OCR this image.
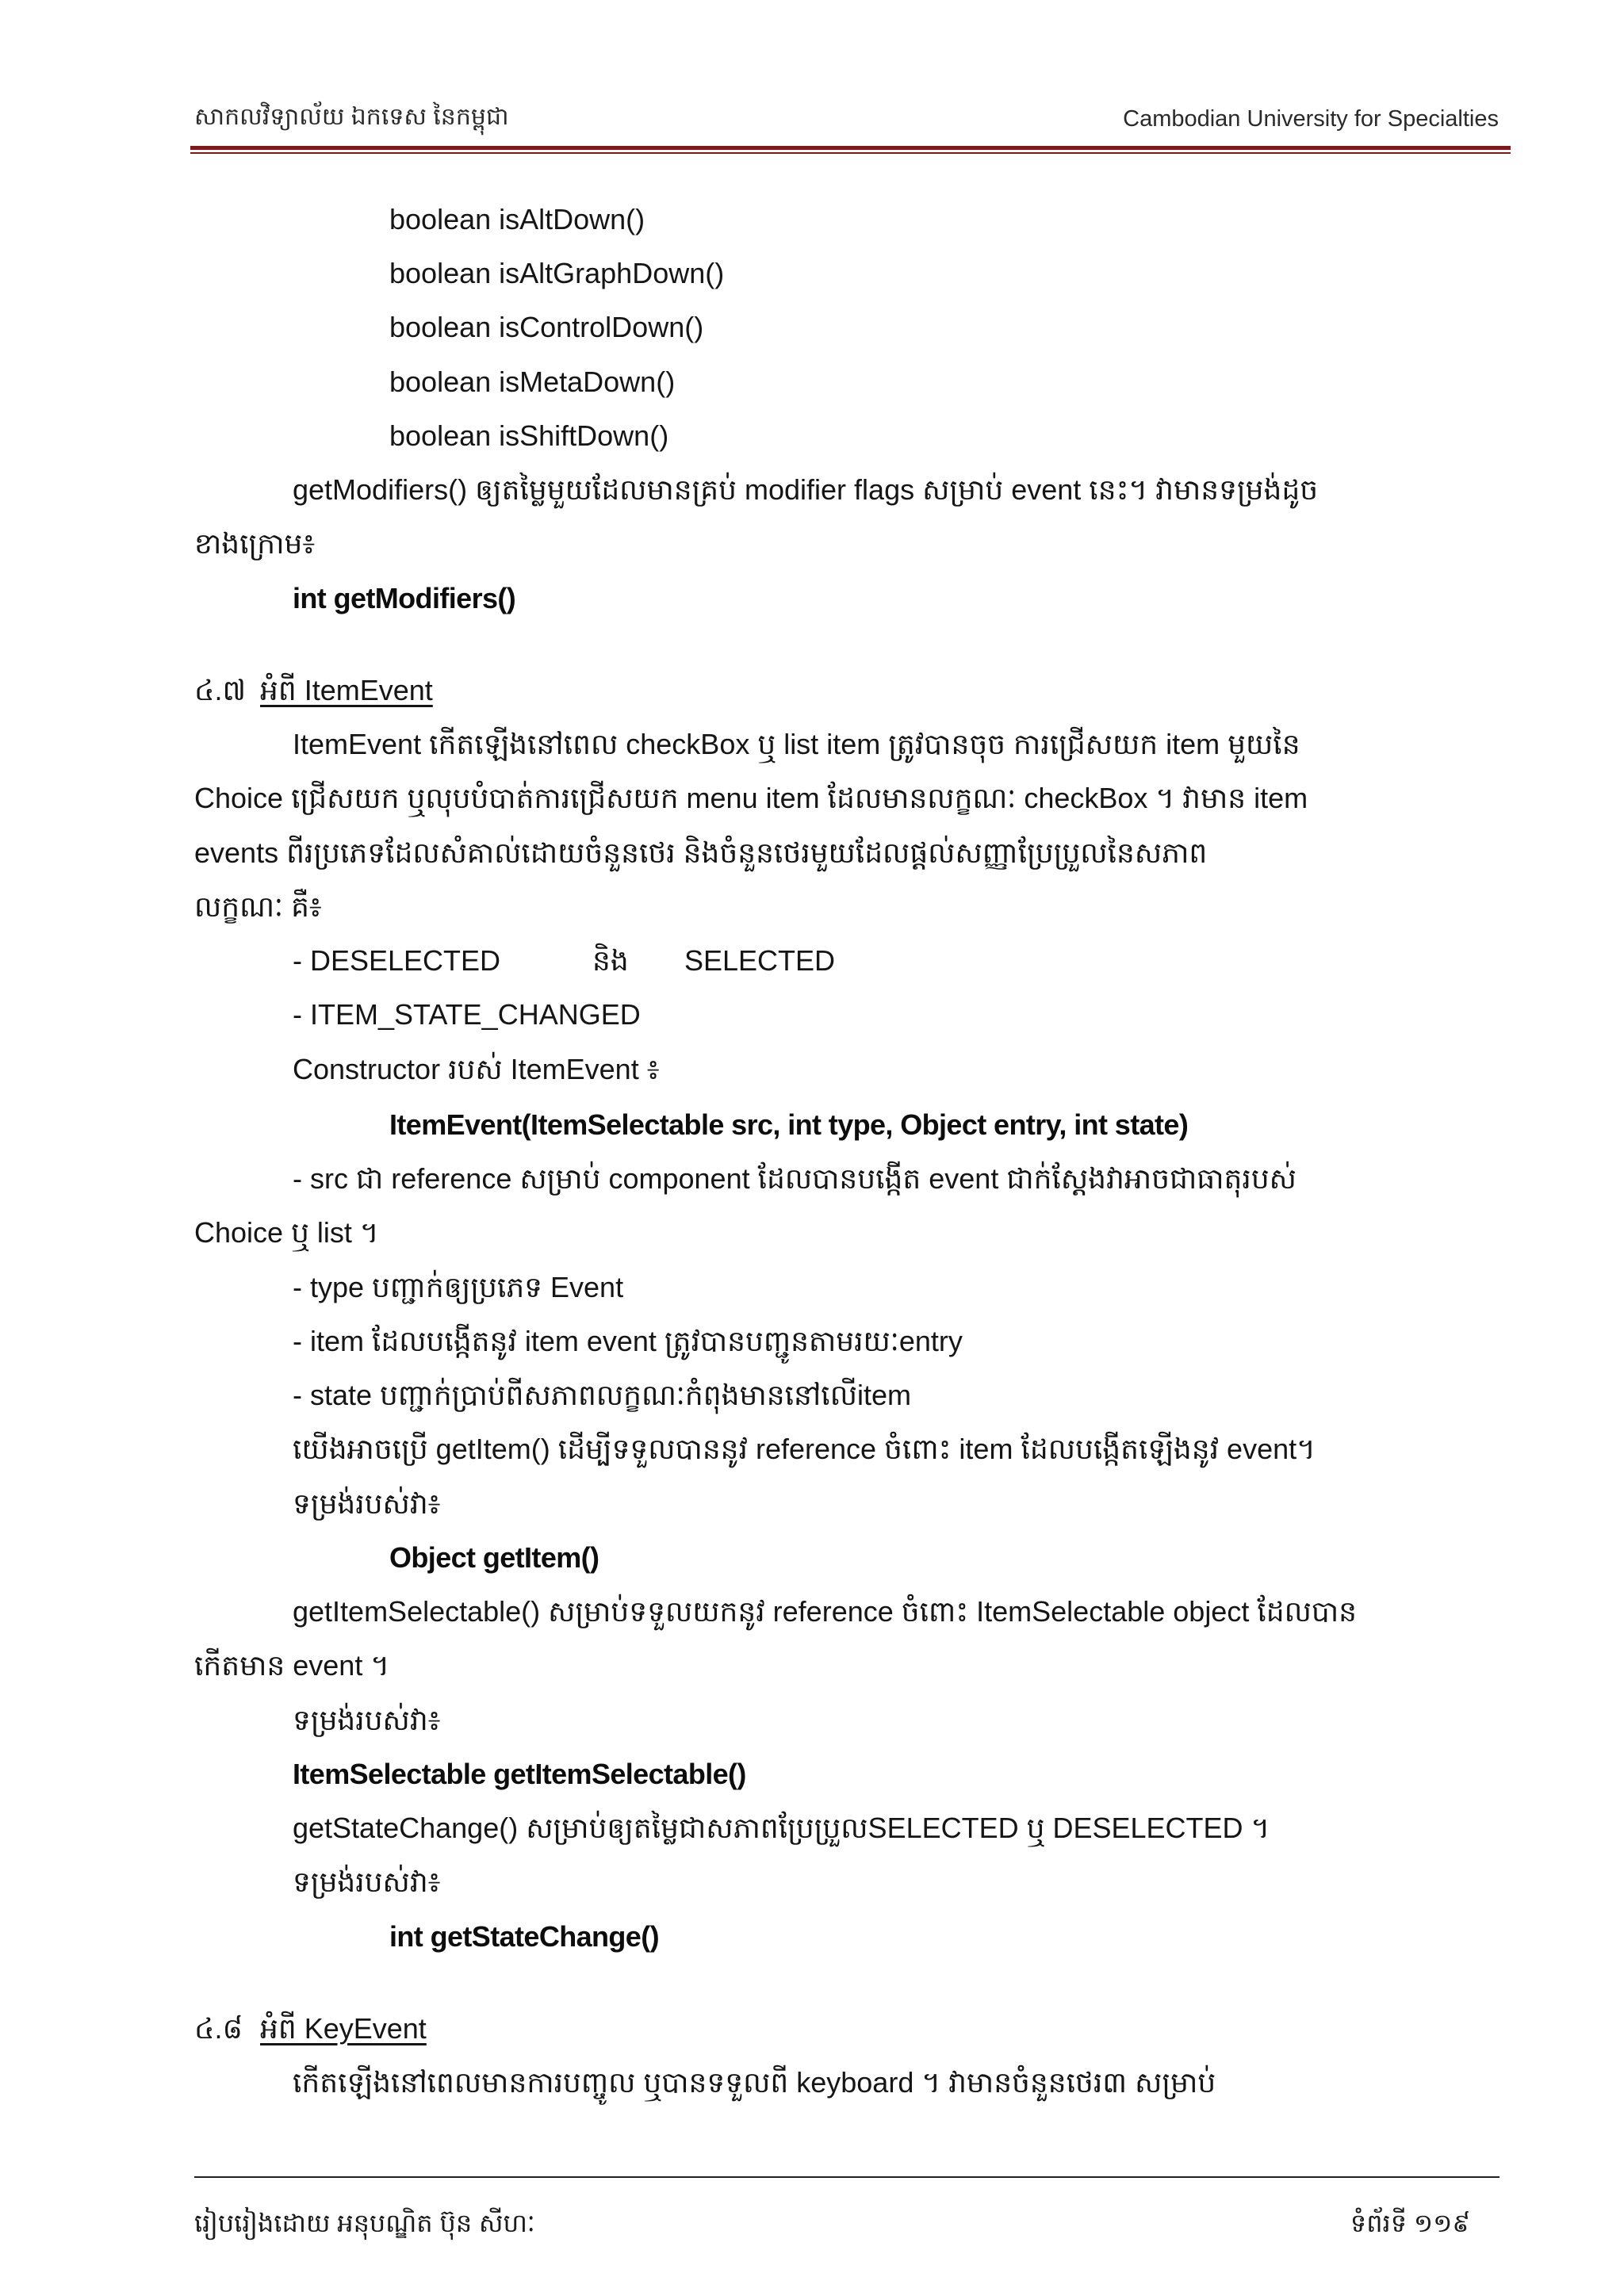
សាកលវិទ្យាល័យ ឯកទេស នៃកម្ពុជា	Cambodian University for Specialties
boolean isAltDown()
boolean isAltGraphDown()
boolean isControlDown()
boolean isMetaDown()
boolean isShiftDown()
getModifiers() ឲ្យតម្លៃមួយដែលមានគ្រប់ modifier flags សម្រាប់ event នេះ។ វាមានទម្រង់ដូច
ខាងក្រោម៖
int getModifiers()
៤.៧ អំពី ItemEvent
ItemEvent កើតឡើងនៅពេល checkBox ឬ list item ត្រូវបានចុច ការជ្រើសយក item មួយនៃ
Choice ជ្រើសយក ឬលុបបំបាត់ការជ្រើសយក menu item ដែលមានលក្ខណៈ checkBox ។ វាមាន item
events ពីរប្រភេទដែលសំគាល់ដោយចំនួនថេរ និងចំនួនថេរមួយដែលផ្តល់សញ្ញាប្រែប្រួលនៃសភាព
លក្ខណៈ គឺ៖
- DESELECTED	និង SELECTED
- ITEM_STATE_CHANGED
Constructor របស់ ItemEvent ៖
ItemEvent(ItemSelectable src, int type, Object entry, int state)
- src ជា reference សម្រាប់ component ដែលបានបង្កើត event ជាក់ស្តែងវាអាចជាធាតុរបស់
Choice ឬ list ។
- type បញ្ជាក់ឲ្យប្រភេទ Event
- item ដែលបង្កើតនូវ item event ត្រូវបានបញ្ជូនតាមរយៈentry
- state បញ្ជាក់ប្រាប់ពីសភាពលក្ខណៈកំពុងមាននៅលើitem
យើងអាចប្រើ getItem() ដើម្បីទទួលបាននូវ reference ចំពោះ item ដែលបង្កើតឡើងនូវ event។
ទម្រង់របស់វា៖
Object getItem()
getItemSelectable() សម្រាប់ទទួលយកនូវ reference ចំពោះ ItemSelectable object ដែលបាន
កើតមាន event ។
ទម្រង់របស់វា៖
ItemSelectable getItemSelectable()
getStateChange() សម្រាប់ឲ្យតម្លៃជាសភាពប្រែប្រួលSELECTED ឬ DESELECTED ។
ទម្រង់របស់វា៖
int getStateChange()
៤.៨ អំពី KeyEvent
កើតឡើងនៅពេលមានការបញ្ចូល ឬបានទទួលពី keyboard ។ វាមានចំនួនថេរ៣ សម្រាប់
រៀបរៀងដោយ អនុបណ្ឌិត ប៊ុន សីហៈ	ទំព័រទី ១១៩
